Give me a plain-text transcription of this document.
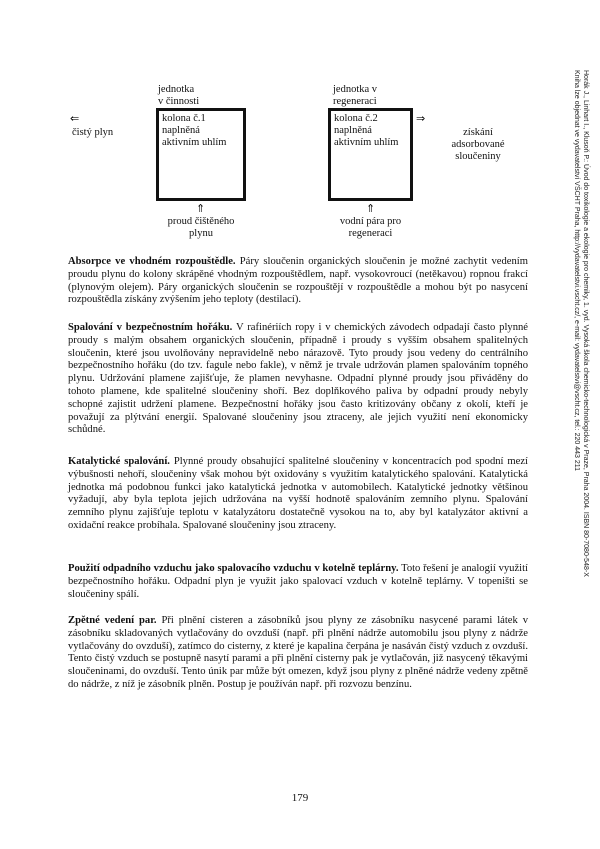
Horák J., Linhart I., Klusoň P.: Úvod do toxikologie a ekologie pro chemiky, 1. vyd. Vysoká škola chemicko-technologická v Praze, Praha 2004. ISBN 80-7080-548-X
Kniha lze objednat ve vydavatelství VŠCHT Praha, http://vydavatelstvi.vscht.cz/, e-mail: vydavatelstvi@vscht.cz, tel.: 220 443 211
jednotka
v činnosti
jednotka v
regeneraci
⇐
čistý plyn
kolona č.1
naplněná
aktivním uhlím
kolona č.2
naplněná
aktivním uhlím
⇒
získání
adsorbované
sloučeniny
⇑	⇑
proud čištěného
plynu
vodní pára pro
regeneraci

Absorpce ve vhodném rozpouštědle. Páry sloučenin organických sloučenin je možné zachytit vedením proudu plynu do kolony skrápěné vhodným rozpouštědlem, např. vysokovroucí (netěkavou) ropnou frakcí (plynovým olejem). Páry organických sloučenin se rozpouštějí v rozpouštědle a mohou být po nasycení rozpouštědla získány zvýšením jeho teploty (destilací).

Spalování v bezpečnostním hořáku. V rafinériích ropy i v chemických závodech odpadají často plynné proudy s malým obsahem organických sloučenin, případně i proudy s vyšším obsahem spalitelných sloučenin, které jsou uvolňovány nepravidelně nebo nárazově. Tyto proudy jsou vedeny do centrálního bezpečnostního hořáku (do tzv. fagule nebo fakle), v němž je trvale udržován plamen spalováním topného plynu. Udržování plamene zajišťuje, že plamen nevyhasne. Odpadní plynné proudy jsou přiváděny do tohoto plamene, kde spalitelné sloučeniny shoří. Bez doplňkového paliva by odpadní proudy nebyly schopné zajistit udržení plamene. Bezpečnostní hořáky jsou často kritizovány občany z okolí, kteří je považují za plýtvání energií. Spalované sloučeniny jsou ztraceny, ale jejich využití není ekonomicky schůdné.

Katalytické spalování. Plynné proudy obsahující spalitelné sloučeniny v koncentracích pod spodní mezí výbušnosti nehoří, sloučeniny však mohou být oxidovány s využitím katalytického spalování. Katalytická jednotka má podobnou funkci jako katalytická jednotka v automobilech. Katalytické jednotky většinou vyžadují, aby byla teplota jejich udržována na vyšší hodnotě spalováním zemního plynu. Spalování zemního plynu zajišťuje teplotu v katalyzátoru dostatečně vysokou na to, aby byl katalyzátor aktivní a oxidační reakce probíhala. Spalované sloučeniny jsou ztraceny.

Použití odpadního vzduchu jako spalovacího vzduchu v kotelně teplárny. Toto řešení je analogií využití bezpečnostního hořáku. Odpadní plyn je využit jako spalovací vzduch v kotelně teplárny. V topeništi se sloučeniny spálí.

Zpětné vedení par. Při plnění cisteren a zásobníků jsou plyny ze zásobníku nasycené parami látek v zásobníku skladovaných vytlačovány do ovzduší (např. při plnění nádrže automobilu jsou plyny z nádrže vytlačovány do ovzduší), zatímco do cisterny, z které je kapalina čerpána je nasáván čistý vzduch z ovzduší. Tento čistý vzduch se postupně nasytí parami a při plnění cisterny pak je vytlačován, již nasycený těkavými sloučeninami, do ovzduší. Tento únik par může být omezen, když jsou plyny z plněné nádrže vedeny zpětně do nádrže, z níž je zásobník plněn. Postup je používán např. při rozvozu benzínu.

179
